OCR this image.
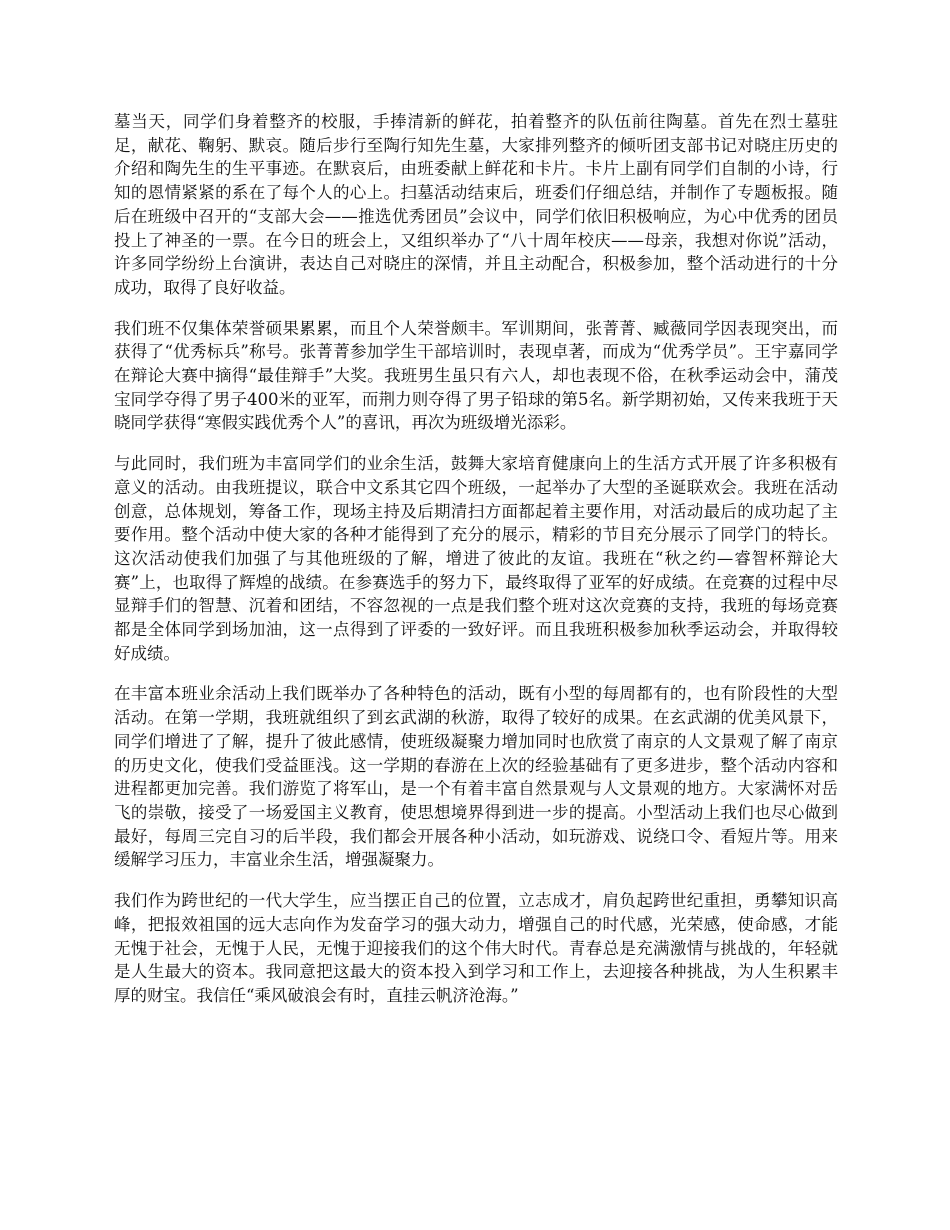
墓当天，同学们身着整齐的校服，手捧清新的鲜花，拍着整齐的队伍前往陶墓。首先在烈士墓驻足，献花、鞠躬、默哀。随后步行至陶行知先生墓，大家排列整齐的倾听团支部书记对晓庄历史的介绍和陶先生的生平事迹。在默哀后，由班委献上鲜花和卡片。卡片上副有同学们自制的小诗，行知的恩情紧紧的系在了每个人的心上。扫墓活动结束后，班委们仔细总结，并制作了专题板报。随后在班级中召开的“支部大会——推选优秀团员”会议中，同学们依旧积极响应，为心中优秀的团员投上了神圣的一票。在今日的班会上，又组织举办了“八十周年校庆——母亲，我想对你说”活动，许多同学纷纷上台演讲，表达自己对晓庄的深情，并且主动配合，积极参加，整个活动进行的十分成功，取得了良好收益。

我们班不仅集体荣誉硕果累累，而且个人荣誉颇丰。军训期间，张菁菁、臧薇同学因表现突出，而获得了“优秀标兵”称号。张菁菁参加学生干部培训时，表现卓著，而成为“优秀学员”。王宇嘉同学在辩论大赛中摘得“最佳辩手”大奖。我班男生虽只有六人，却也表现不俗，在秋季运动会中，蒲茂宝同学夺得了男子400米的亚军，而荆力则夺得了男子铅球的第5名。新学期初始，又传来我班于天晓同学获得“寒假实践优秀个人”的喜讯，再次为班级增光添彩。

与此同时，我们班为丰富同学们的业余生活，鼓舞大家培育健康向上的生活方式开展了许多积极有意义的活动。由我班提议，联合中文系其它四个班级，一起举办了大型的圣诞联欢会。我班在活动创意，总体规划，筹备工作，现场主持及后期清扫方面都起着主要作用，对活动最后的成功起了主要作用。整个活动中使大家的各种才能得到了充分的展示，精彩的节目充分展示了同学门的特长。这次活动使我们加强了与其他班级的了解，增进了彼此的友谊。我班在“秋之约—睿智杯辩论大赛”上，也取得了辉煌的战绩。在参赛选手的努力下，最终取得了亚军的好成绩。在竞赛的过程中尽显辩手们的智慧、沉着和团结，不容忽视的一点是我们整个班对这次竞赛的支持，我班的每场竞赛都是全体同学到场加油，这一点得到了评委的一致好评。而且我班积极参加秋季运动会，并取得较好成绩。

在丰富本班业余活动上我们既举办了各种特色的活动，既有小型的每周都有的，也有阶段性的大型活动。在第一学期，我班就组织了到玄武湖的秋游，取得了较好的成果。在玄武湖的优美风景下，同学们增进了了解，提升了彼此感情，使班级凝聚力增加同时也欣赏了南京的人文景观了解了南京的历史文化，使我们受益匪浅。这一学期的春游在上次的经验基础有了更多进步，整个活动内容和进程都更加完善。我们游览了将军山，是一个有着丰富自然景观与人文景观的地方。大家满怀对岳飞的崇敬，接受了一场爱国主义教育，使思想境界得到进一步的提高。小型活动上我们也尽心做到最好，每周三完自习的后半段，我们都会开展各种小活动，如玩游戏、说绕口令、看短片等。用来缓解学习压力，丰富业余生活，增强凝聚力。

我们作为跨世纪的一代大学生，应当摆正自己的位置，立志成才，肩负起跨世纪重担，勇攀知识高峰，把报效祖国的远大志向作为发奋学习的强大动力，增强自己的时代感，光荣感，使命感，才能无愧于社会，无愧于人民，无愧于迎接我们的这个伟大时代。青春总是充满激情与挑战的，年轻就是人生最大的资本。我同意把这最大的资本投入到学习和工作上，去迎接各种挑战，为人生积累丰厚的财宝。我信任“乘风破浪会有时，直挂云帆济沧海。”
